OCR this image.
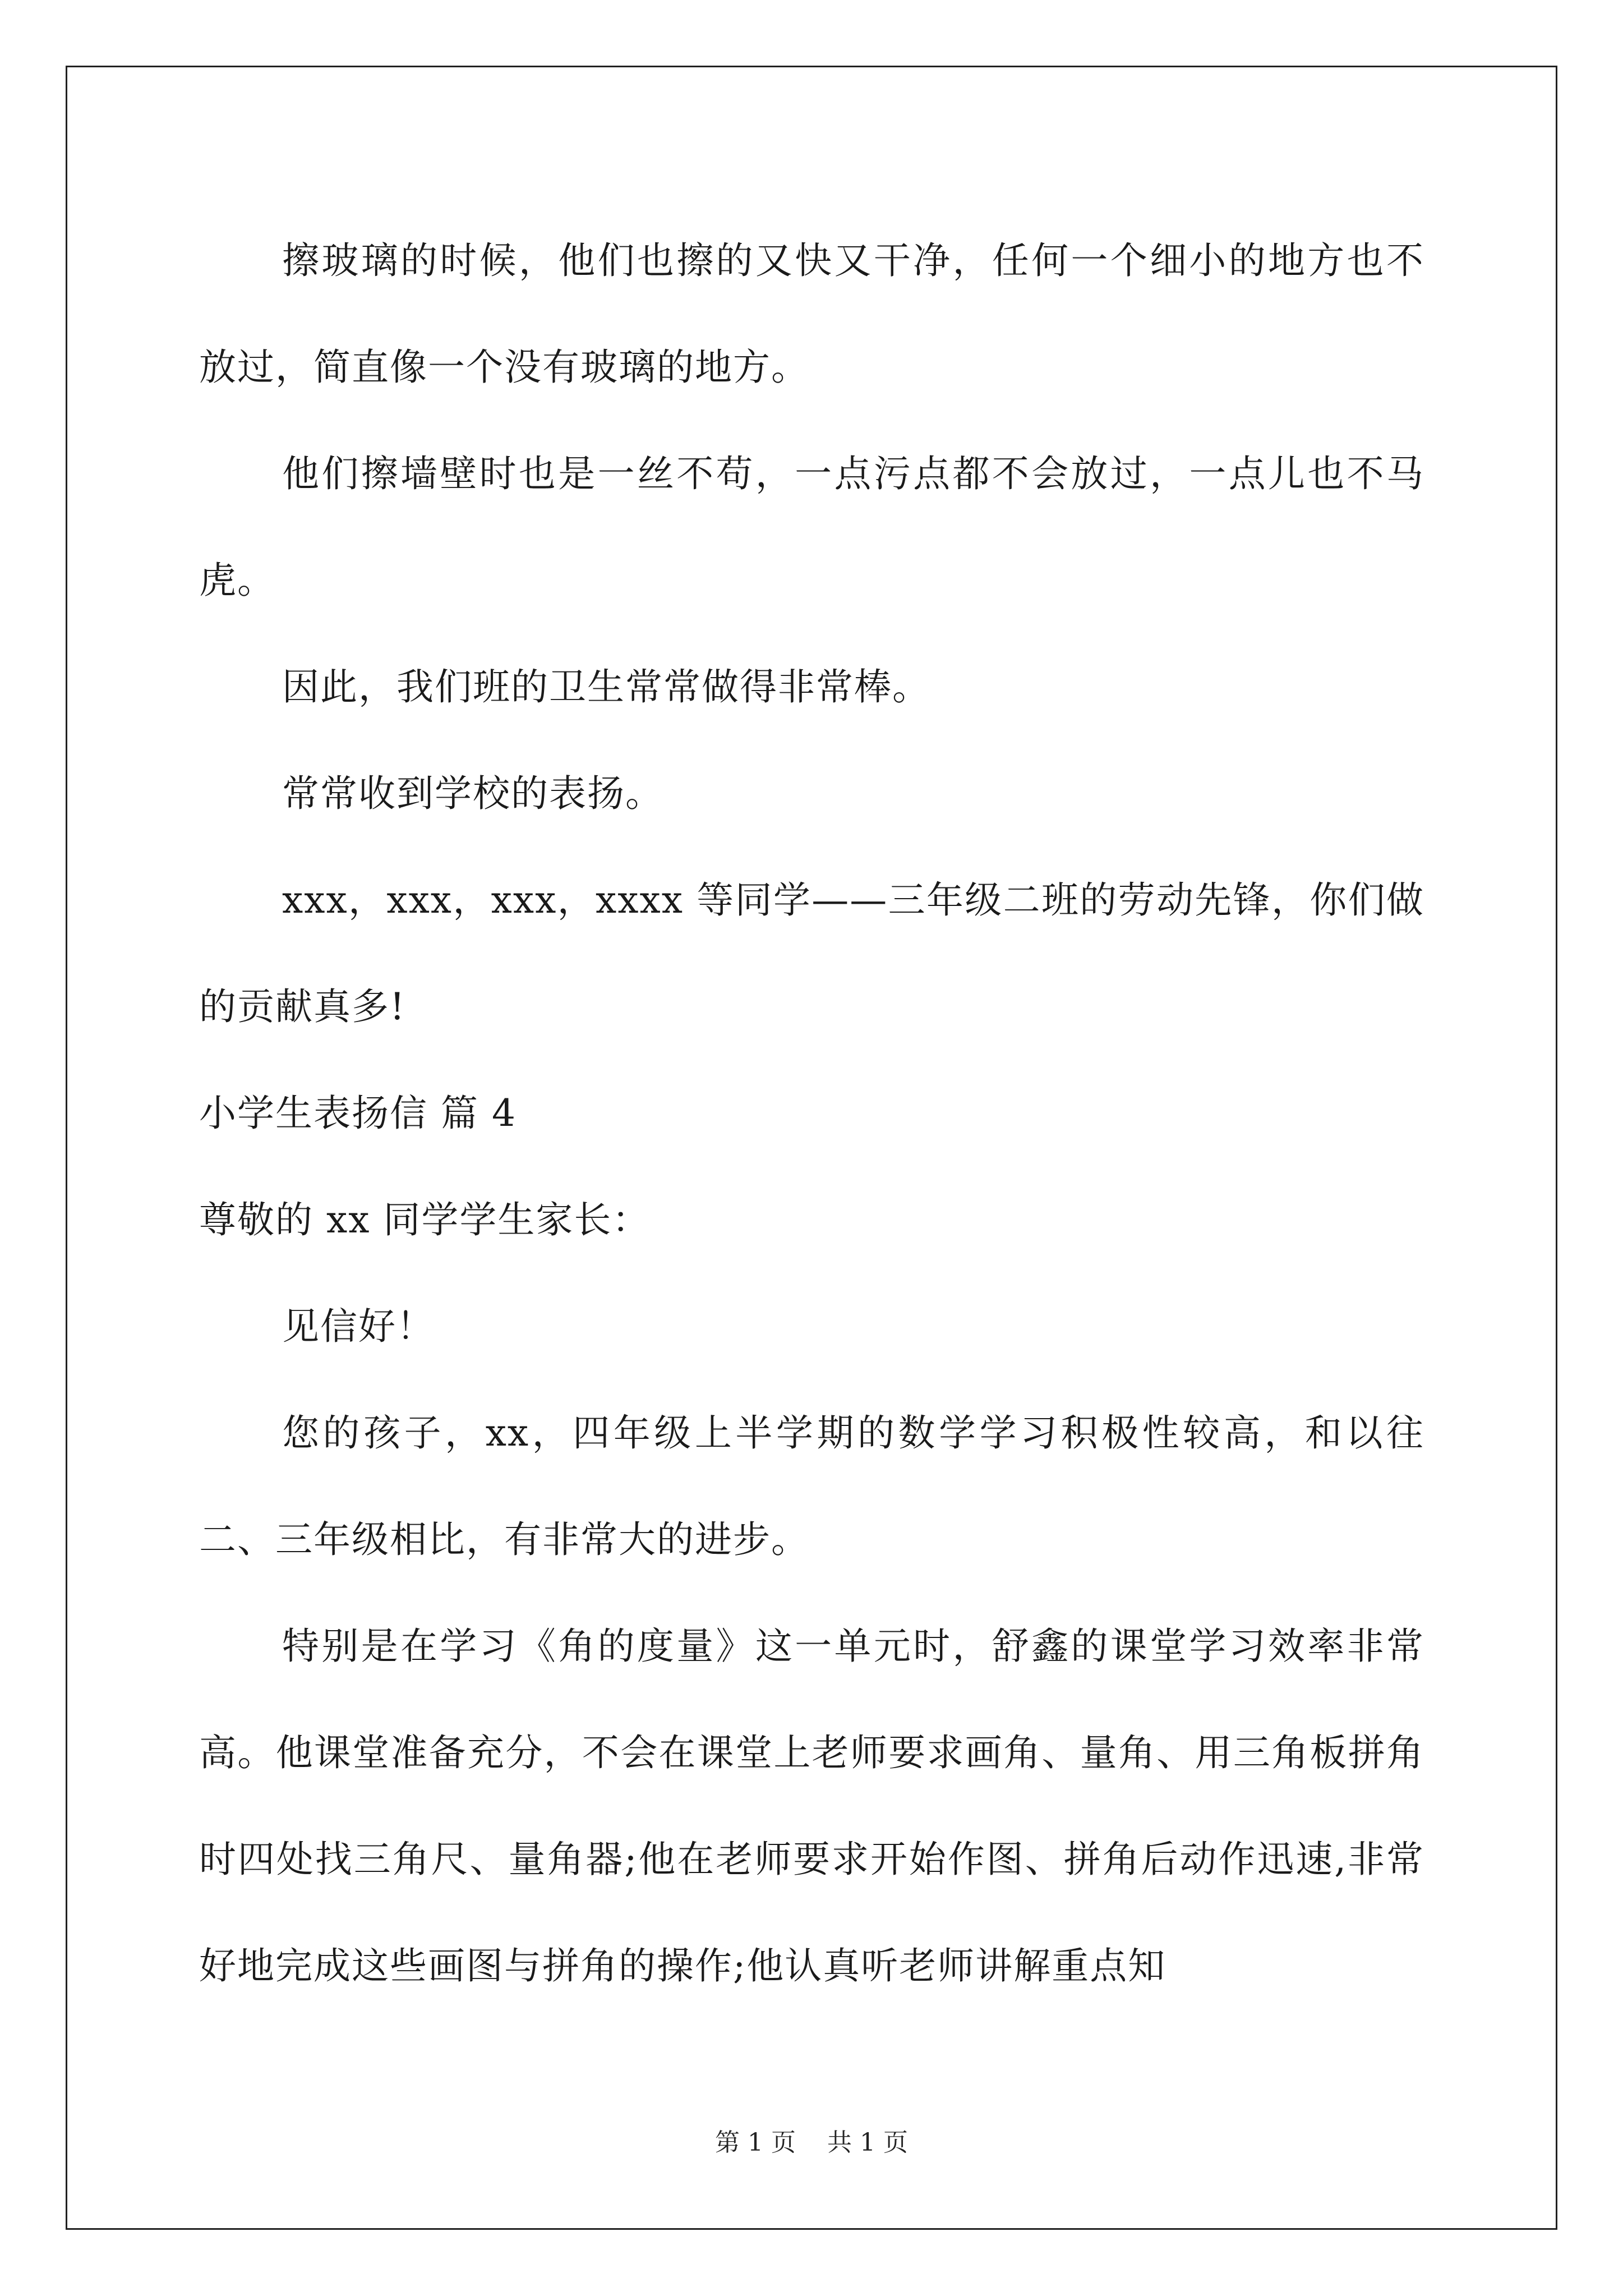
擦玻璃的时候，他们也擦的又快又干净，任何一个细小的地方也不放过，简直像一个没有玻璃的地方。

他们擦墙壁时也是一丝不苟，一点污点都不会放过，一点儿也不马虎。

因此，我们班的卫生常常做得非常棒。

常常收到学校的表扬。

xxx，xxx，xxx，xxxx 等同学——三年级二班的劳动先锋，你们做的贡献真多!

小学生表扬信 篇 4

尊敬的 xx 同学学生家长：

见信好！

您的孩子，xx，四年级上半学期的数学学习积极性较高，和以往二、三年级相比，有非常大的进步。

特别是在学习《角的度量》这一单元时，舒鑫的课堂学习效率非常高。他课堂准备充分，不会在课堂上老师要求画角、量角、用三角板拼角时四处找三角尺、量角器;他在老师要求开始作图、拼角后动作迅速,非常好地完成这些画图与拼角的操作;他认真听老师讲解重点知

第 1 页 共 1 页
